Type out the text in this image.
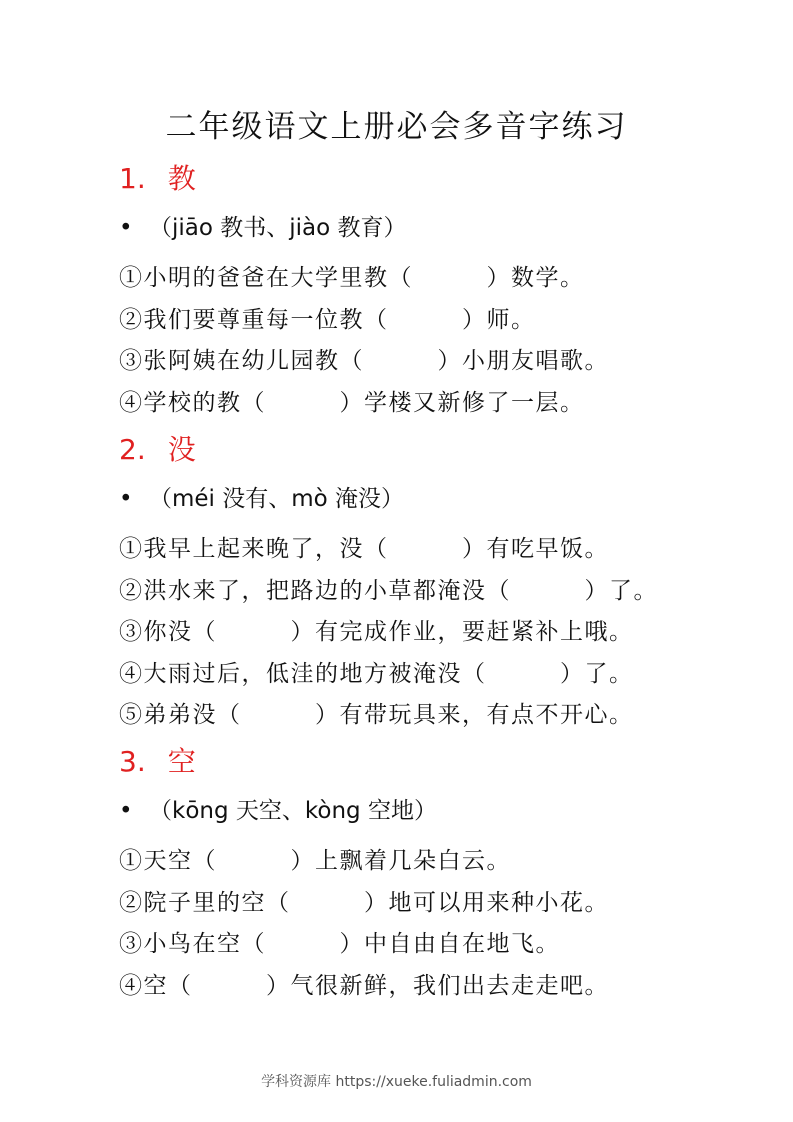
二年级语文上册必会多音字练习
1. 教
• （jiāo 教书、jiào 教育）
①小明的爸爸在大学里教（　　　）数学。
②我们要尊重每一位教（　　　）师。
③张阿姨在幼儿园教（　　　）小朋友唱歌。
④学校的教（　　　）学楼又新修了一层。
2. 没
• （méi 没有、mò 淹没）
①我早上起来晚了，没（　　　）有吃早饭。
②洪水来了，把路边的小草都淹没（　　　）了。
③你没（　　　）有完成作业，要赶紧补上哦。
④大雨过后，低洼的地方被淹没（　　　）了。
⑤弟弟没（　　　）有带玩具来，有点不开心。
3. 空
• （kōng 天空、kòng 空地）
①天空（　　　）上飘着几朵白云。
②院子里的空（　　　）地可以用来种小花。
③小鸟在空（　　　）中自由自在地飞。
④空（　　　）气很新鲜，我们出去走走吧。
学科资源库 https://xueke.fuliadmin.com
